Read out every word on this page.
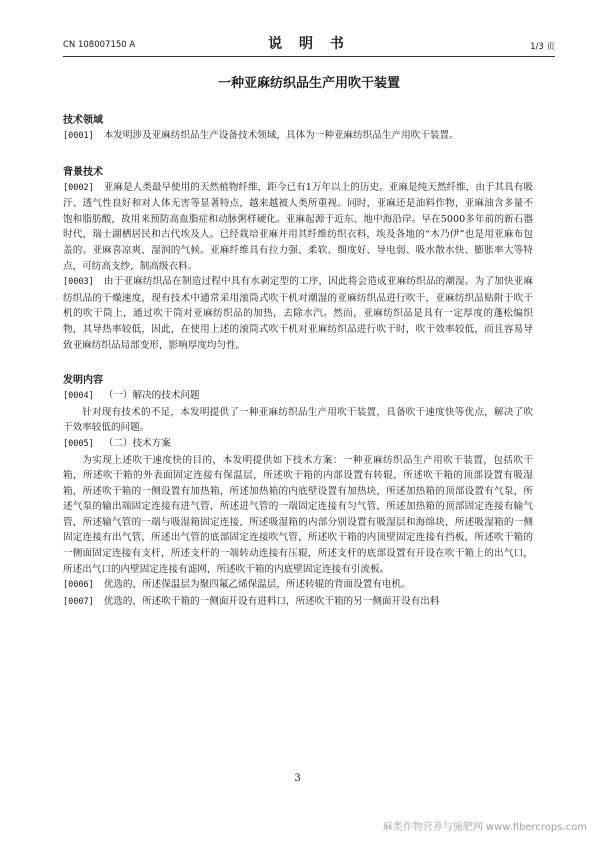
CN 108007150 A	说 明 书	1/3 页
一种亚麻纺织品生产用吹干装置
技术领域

[0001] 本发明涉及亚麻纺织品生产设备技术领域，具体为一种亚麻纺织品生产用吹干装置。

背景技术

[0002] 亚麻是人类最早使用的天然植物纤维，距今已有1万年以上的历史。亚麻是纯天然纤维，由于其具有吸汗、透气性良好和对人体无害等显著特点，越来越被人类所重视。同时，亚麻还是油料作物，亚麻油含多量不饱和脂肪酸，故用来预防高血脂症和动脉粥样硬化。亚麻起源于近东、地中海沿岸。早在5000多年前的新石器时代，瑞士湖栖居民和古代埃及人。已经栽培亚麻并用其纤维纺织衣料，埃及各地的“木乃伊”也是用亚麻布包盖的。亚麻喜凉爽、湿润的气候。亚麻纤维具有拉力强、柔软、细度好、导电弱、吸水散水快、膨胀率大等特点，可纺高支纱，制高级衣料。

[0003] 由于亚麻纺织品在制造过程中具有水剥定型的工序，因此将会造成亚麻纺织品的潮湿。为了加快亚麻纺织品的干燥速度，现有技术中通常采用滚筒式吹干机对潮湿的亚麻纺织品进行吹干，亚麻纺织品贴附于吹干机的吹干筒上，通过吹干筒对亚麻纺织品的加热，去除水汽。然而，亚麻纺织品是具有一定厚度的蓬松编织物，其导热率较低，因此，在使用上述的滚筒式吹干机对亚麻纺织品进行吹干时，吹干效率较低，而且容易导致亚麻纺织品局部变形，影响厚度均匀性。

发明内容

[0004] （一）解决的技术问题

针对现有技术的不足，本发明提供了一种亚麻纺织品生产用吹干装置，具备吹干速度快等优点，解决了吹干效率较低的问题。

[0005] （二）技术方案

为实现上述吹干速度快的目的，本发明提供如下技术方案：一种亚麻纺织品生产用吹干装置，包括吹干箱，所述吹干箱的外表面固定连接有保温层，所述吹干箱的内部设置有转辊，所述吹干箱的顶部设置有吸湿箱，所述吹干箱的一侧设置有加热箱，所述加热箱的内底壁设置有加热块，所述加热箱的顶部设置有气泵，所述气泵的输出端固定连接有进气管，所述进气管的一端固定连接有匀气管，所述加热箱的顶部固定连接有输气管，所述输气管的一端与吸湿箱固定连接，所述吸湿箱的内部分别设置有吸湿层和海绵块，所述吸湿箱的一侧固定连接有出气管，所述出气管的底部固定连接吹气管，所述吹干箱的内顶壁固定连接有挡板，所述吹干箱的一侧面固定连接有支杆，所述支杆的一端转动连接有压辊，所述支杆的底部设置有开设在吹干箱上的出气口，所述出气口的内壁固定连接有滤网，所述吹干箱的内底壁固定连接有引流板。

[0006] 优选的，所述保温层为聚四氟乙烯保温层，所述转辊的背面设置有电机。

[0007] 优选的，所述吹干箱的一侧面开设有进料口，所述吹干箱的另一侧面开设有出料

3
麻类作物营养与施肥网 www.fibercrops.com
